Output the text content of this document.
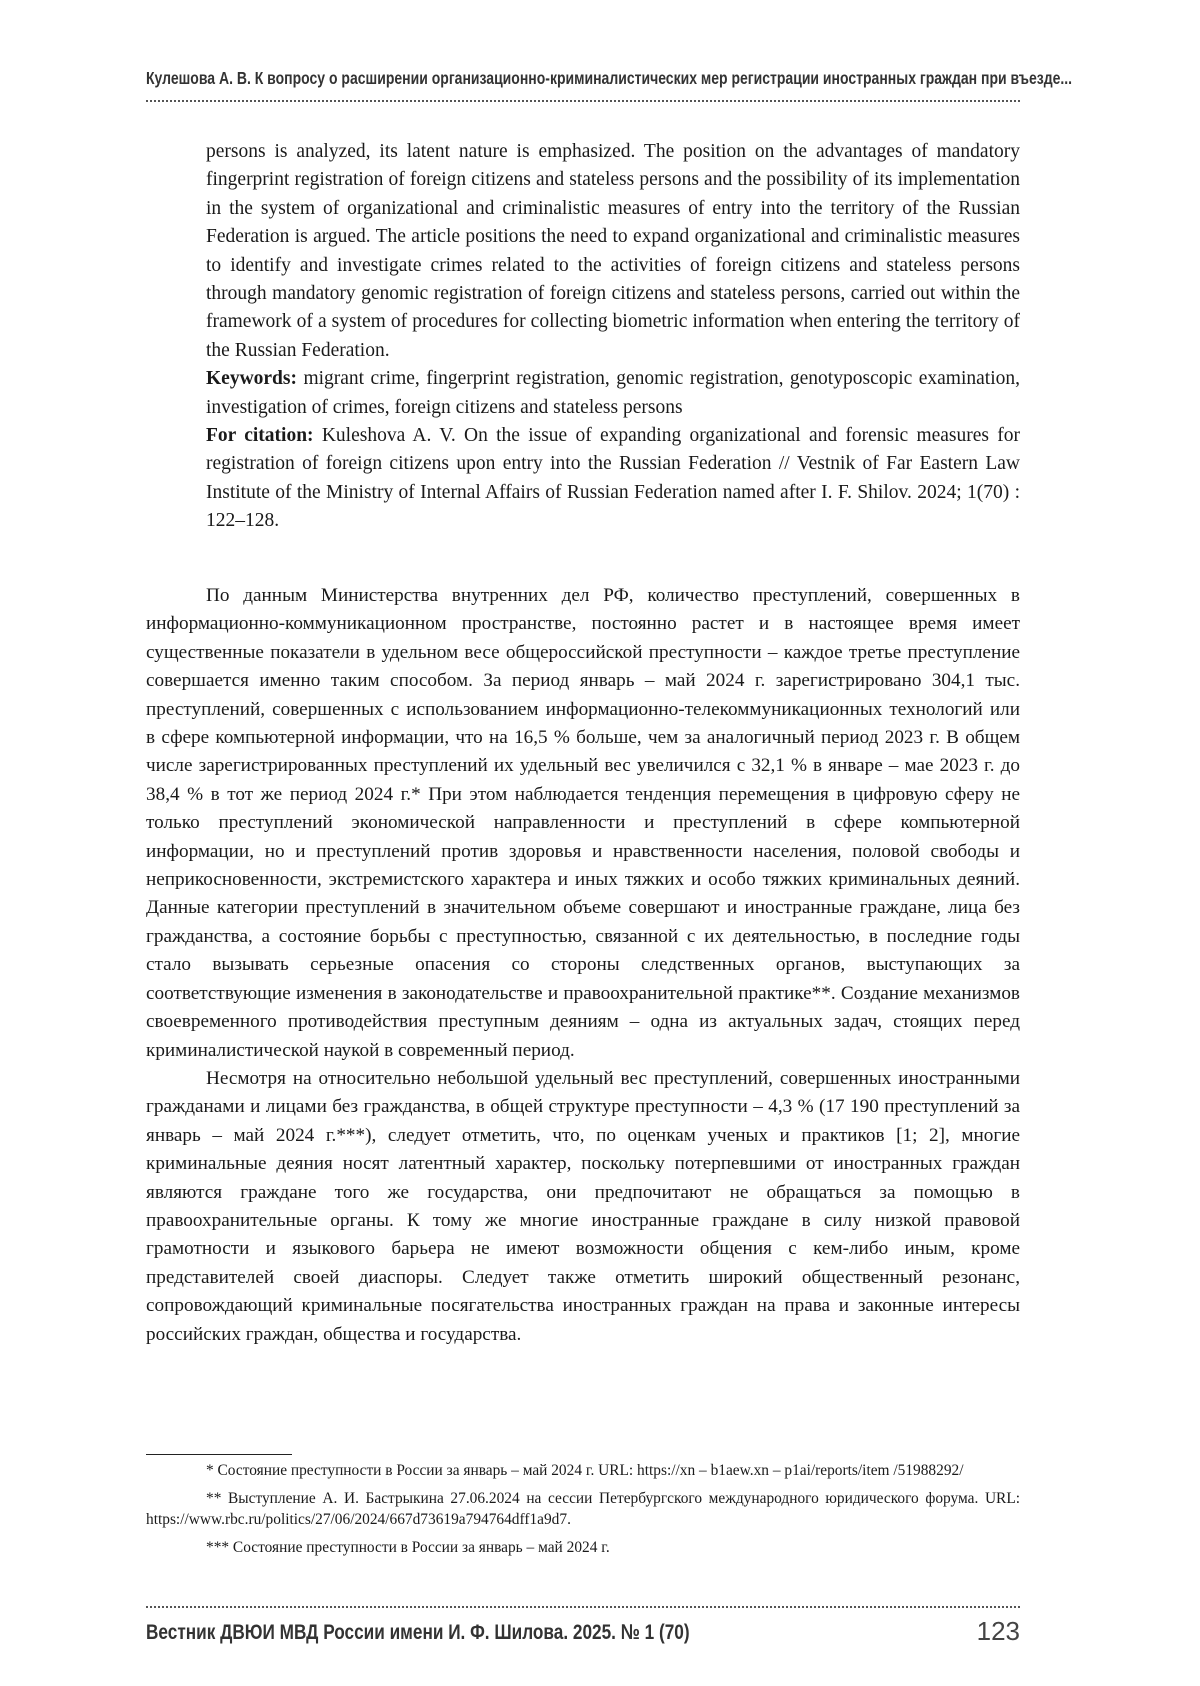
Кулешова А. В. К вопросу о расширении организационно-криминалистических мер регистрации иностранных граждан при въезде...

persons is analyzed, its latent nature is emphasized. The position on the advantages of mandatory fingerprint registration of foreign citizens and stateless persons and the possibility of its implementation in the system of organizational and criminalistic measures of entry into the territory of the Russian Federation is argued. The article positions the need to expand organizational and criminalistic measures to identify and investigate crimes related to the activities of foreign citizens and stateless persons through mandatory genomic registration of foreign citizens and stateless persons, carried out within the framework of a system of procedures for collecting biometric information when entering the territory of the Russian Federation.

Keywords: migrant crime, fingerprint registration, genomic registration, genotyposcopic examination, investigation of crimes, foreign citizens and stateless persons

For citation: Kuleshova A. V. On the issue of expanding organizational and forensic measures for registration of foreign citizens upon entry into the Russian Federation // Vestnik of Far Eastern Law Institute of the Ministry of Internal Affairs of Russian Federation named after I. F. Shilov. 2024; 1(70) : 122–128.

По данным Министерства внутренних дел РФ, количество преступлений, совершенных в информационно-коммуникационном пространстве, постоянно растет и в настоящее время имеет существенные показатели в удельном весе общероссийской преступности – каждое третье преступление совершается именно таким способом. За период январь – май 2024 г. зарегистрировано 304,1 тыс. преступлений, совершенных с использованием информационно-телекоммуникационных технологий или в сфере компьютерной информации, что на 16,5 % больше, чем за аналогичный период 2023 г. В общем числе зарегистрированных преступлений их удельный вес увеличился с 32,1 % в январе – мае 2023 г. до 38,4 % в тот же период 2024 г.* При этом наблюдается тенденция перемещения в цифровую сферу не только преступлений экономической направленности и преступлений в сфере компьютерной информации, но и преступлений против здоровья и нравственности населения, половой свободы и неприкосновенности, экстремистского характера и иных тяжких и особо тяжких криминальных деяний. Данные категории преступлений в значительном объеме совершают и иностранные граждане, лица без гражданства, а состояние борьбы с преступностью, связанной с их деятельностью, в последние годы стало вызывать серьезные опасения со стороны следственных органов, выступающих за соответствующие изменения в законодательстве и правоохранительной практике**. Создание механизмов своевременного противодействия преступным деяниям – одна из актуальных задач, стоящих перед криминалистической наукой в современный период.

Несмотря на относительно небольшой удельный вес преступлений, совершенных иностранными гражданами и лицами без гражданства, в общей структуре преступности – 4,3 % (17 190 преступлений за январь – май 2024 г.***), следует отметить, что, по оценкам ученых и практиков [1; 2], многие криминальные деяния носят латентный характер, поскольку потерпевшими от иностранных граждан являются граждане того же государства, они предпочитают не обращаться за помощью в правоохранительные органы. К тому же многие иностранные граждане в силу низкой правовой грамотности и языкового барьера не имеют возможности общения с кем-либо иным, кроме представителей своей диаспоры. Следует также отметить широкий общественный резонанс, сопровождающий криминальные посягательства иностранных граждан на права и законные интересы российских граждан, общества и государства.

* Состояние преступности в России за январь – май 2024 г. URL: https://xn – b1aew.xn – p1ai/reports/item /51988292/

** Выступление А. И. Бастрыкина 27.06.2024 на сессии Петербургского международного юридического форума. URL: https://www.rbc.ru/politics/27/06/2024/667d73619a794764dff1a9d7.

*** Состояние преступности в России за январь – май 2024 г.

Вестник ДВЮИ МВД России имени И. Ф. Шилова. 2025. № 1 (70)	123
